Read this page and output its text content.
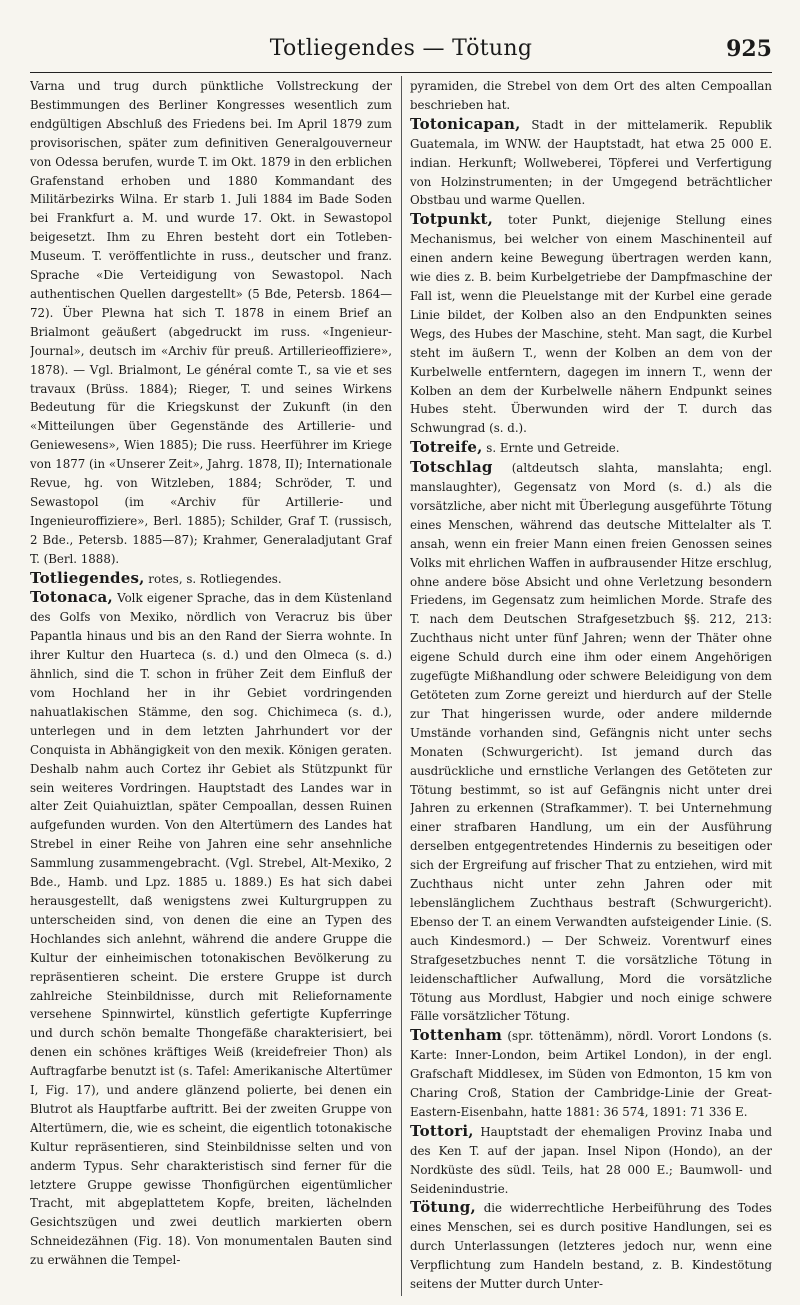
Totliegendes — Tötung	925

Varna und trug durch pünktliche Vollstreckung der Bestimmungen des Berliner Kongresses wesentlich zum endgültigen Abschluß des Friedens bei. Im April 1879 zum provisorischen, später zum definitiven Generalgouverneur von Odessa berufen, wurde T. im Okt. 1879 in den erblichen Grafenstand erhoben und 1880 Kommandant des Militärbezirks Wilna. Er starb 1. Juli 1884 im Bade Soden bei Frankfurt a. M. und wurde 17. Okt. in Sewastopol beigesetzt. Ihm zu Ehren besteht dort ein Totleben-Museum. T. veröffentlichte in russ., deutscher und franz. Sprache «Die Verteidigung von Sewastopol. Nach authentischen Quellen dargestellt» (5 Bde, Petersb. 1864—72). Über Plewna hat sich T. 1878 in einem Brief an Brialmont geäußert (abgedruckt im russ. «Ingenieur-Journal», deutsch im «Archiv für preuß. Artillerieoffiziere», 1878). — Vgl. Brialmont, Le général comte T., sa vie et ses travaux (Brüss. 1884); Rieger, T. und seines Wirkens Bedeutung für die Kriegskunst der Zukunft (in den «Mitteilungen über Gegenstände des Artillerie- und Geniewesens», Wien 1885); Die russ. Heerführer im Kriege von 1877 (in «Unserer Zeit», Jahrg. 1878, II); Internationale Revue, hg. von Witzleben, 1884; Schröder, T. und Sewastopol (im «Archiv für Artillerie- und Ingenieuroffiziere», Berl. 1885); Schilder, Graf T. (russisch, 2 Bde., Petersb. 1885—87); Krahmer, Generaladjutant Graf T. (Berl. 1888).

Totliegendes, rotes, s. Rotliegendes.

Totonaca, Volk eigener Sprache, das in dem Küstenland des Golfs von Mexiko, nördlich von Veracruz bis über Papantla hinaus und bis an den Rand der Sierra wohnte. In ihrer Kultur den Huarteca (s. d.) und den Olmeca (s. d.) ähnlich, sind die T. schon in früher Zeit dem Einfluß der vom Hochland her in ihr Gebiet vordringenden nahuatlakischen Stämme, den sog. Chichimeca (s. d.), unterlegen und in dem letzten Jahrhundert vor der Conquista in Abhängigkeit von den mexik. Königen geraten. Deshalb nahm auch Cortez ihr Gebiet als Stützpunkt für sein weiteres Vordringen. Hauptstadt des Landes war in alter Zeit Quiahuiztlan, später Cempoallan, dessen Ruinen aufgefunden wurden. Von den Altertümern des Landes hat Strebel in einer Reihe von Jahren eine sehr ansehnliche Sammlung zusammengebracht. (Vgl. Strebel, Alt-Mexiko, 2 Bde., Hamb. und Lpz. 1885 u. 1889.) Es hat sich dabei herausgestellt, daß wenigstens zwei Kulturgruppen zu unterscheiden sind, von denen die eine an Typen des Hochlandes sich anlehnt, während die andere Gruppe die Kultur der einheimischen totonakischen Bevölkerung zu repräsentieren scheint. Die erstere Gruppe ist durch zahlreiche Steinbildnisse, durch mit Reliefornamente versehene Spinnwirtel, künstlich gefertigte Kupferringe und durch schön bemalte Thongefäße charakterisiert, bei denen ein schönes kräftiges Weiß (kreidefreier Thon) als Auftragfarbe benutzt ist (s. Tafel: Amerikanische Altertümer I, Fig. 17), und andere glänzend polierte, bei denen ein Blutrot als Hauptfarbe auftritt. Bei der zweiten Gruppe von Altertümern, die, wie es scheint, die eigentlich totonakische Kultur repräsentieren, sind Steinbildnisse selten und von anderm Typus. Sehr charakteristisch sind ferner für die letztere Gruppe gewisse Thonfigürchen eigentümlicher Tracht, mit abgeplattetem Kopfe, breiten, lächelnden Gesichtszügen und zwei deutlich markierten obern Schneidezähnen (Fig. 18). Von monumentalen Bauten sind zu erwähnen die Tempel-

pyramiden, die Strebel von dem Ort des alten Cempoallan beschrieben hat.

Totonicapan, Stadt in der mittelamerik. Republik Guatemala, im WNW. der Hauptstadt, hat etwa 25 000 E. indian. Herkunft; Wollweberei, Töpferei und Verfertigung von Holzinstrumenten; in der Umgegend beträchtlicher Obstbau und warme Quellen.

Totpunkt, toter Punkt, diejenige Stellung eines Mechanismus, bei welcher von einem Maschinenteil auf einen andern keine Bewegung übertragen werden kann, wie dies z. B. beim Kurbelgetriebe der Dampfmaschine der Fall ist, wenn die Pleuelstange mit der Kurbel eine gerade Linie bildet, der Kolben also an den Endpunkten seines Wegs, des Hubes der Maschine, steht. Man sagt, die Kurbel steht im äußern T., wenn der Kolben an dem von der Kurbelwelle entferntern, dagegen im innern T., wenn der Kolben an dem der Kurbelwelle nähern Endpunkt seines Hubes steht. Überwunden wird der T. durch das Schwungrad (s. d.).

Totreife, s. Ernte und Getreide.

Totschlag (altdeutsch slahta, manslahta; engl. manslaughter), Gegensatz von Mord (s. d.) als die vorsätzliche, aber nicht mit Überlegung ausgeführte Tötung eines Menschen, während das deutsche Mittelalter als T. ansah, wenn ein freier Mann einen freien Genossen seines Volks mit ehrlichen Waffen in aufbrausender Hitze erschlug, ohne andere böse Absicht und ohne Verletzung besondern Friedens, im Gegensatz zum heimlichen Morde. Strafe des T. nach dem Deutschen Strafgesetzbuch §§. 212, 213: Zuchthaus nicht unter fünf Jahren; wenn der Thäter ohne eigene Schuld durch eine ihm oder einem Angehörigen zugefügte Mißhandlung oder schwere Beleidigung von dem Getöteten zum Zorne gereizt und hierdurch auf der Stelle zur That hingerissen wurde, oder andere mildernde Umstände vorhanden sind, Gefängnis nicht unter sechs Monaten (Schwurgericht). Ist jemand durch das ausdrückliche und ernstliche Verlangen des Getöteten zur Tötung bestimmt, so ist auf Gefängnis nicht unter drei Jahren zu erkennen (Strafkammer). T. bei Unternehmung einer strafbaren Handlung, um ein der Ausführung derselben entgegentretendes Hindernis zu beseitigen oder sich der Ergreifung auf frischer That zu entziehen, wird mit Zuchthaus nicht unter zehn Jahren oder mit lebenslänglichem Zuchthaus bestraft (Schwurgericht). Ebenso der T. an einem Verwandten aufsteigender Linie. (S. auch Kindesmord.) — Der Schweiz. Vorentwurf eines Strafgesetzbuches nennt T. die vorsätzliche Tötung in leidenschaftlicher Aufwallung, Mord die vorsätzliche Tötung aus Mordlust, Habgier und noch einige schwere Fälle vorsätzlicher Tötung.

Tottenham (spr. töttenämm), nördl. Vorort Londons (s. Karte: Inner-London, beim Artikel London), in der engl. Grafschaft Middlesex, im Süden von Edmonton, 15 km von Charing Croß, Station der Cambridge-Linie der Great-Eastern-Eisenbahn, hatte 1881: 36 574, 1891: 71 336 E.

Tottori, Hauptstadt der ehemaligen Provinz Inaba und des Ken T. auf der japan. Insel Nipon (Hondo), an der Nordküste des südl. Teils, hat 28 000 E.; Baumwoll- und Seidenindustrie.

Tötung, die widerrechtliche Herbeiführung des Todes eines Menschen, sei es durch positive Handlungen, sei es durch Unterlassungen (letzteres jedoch nur, wenn eine Verpflichtung zum Handeln bestand, z. B. Kindestötung seitens der Mutter durch Unter-
